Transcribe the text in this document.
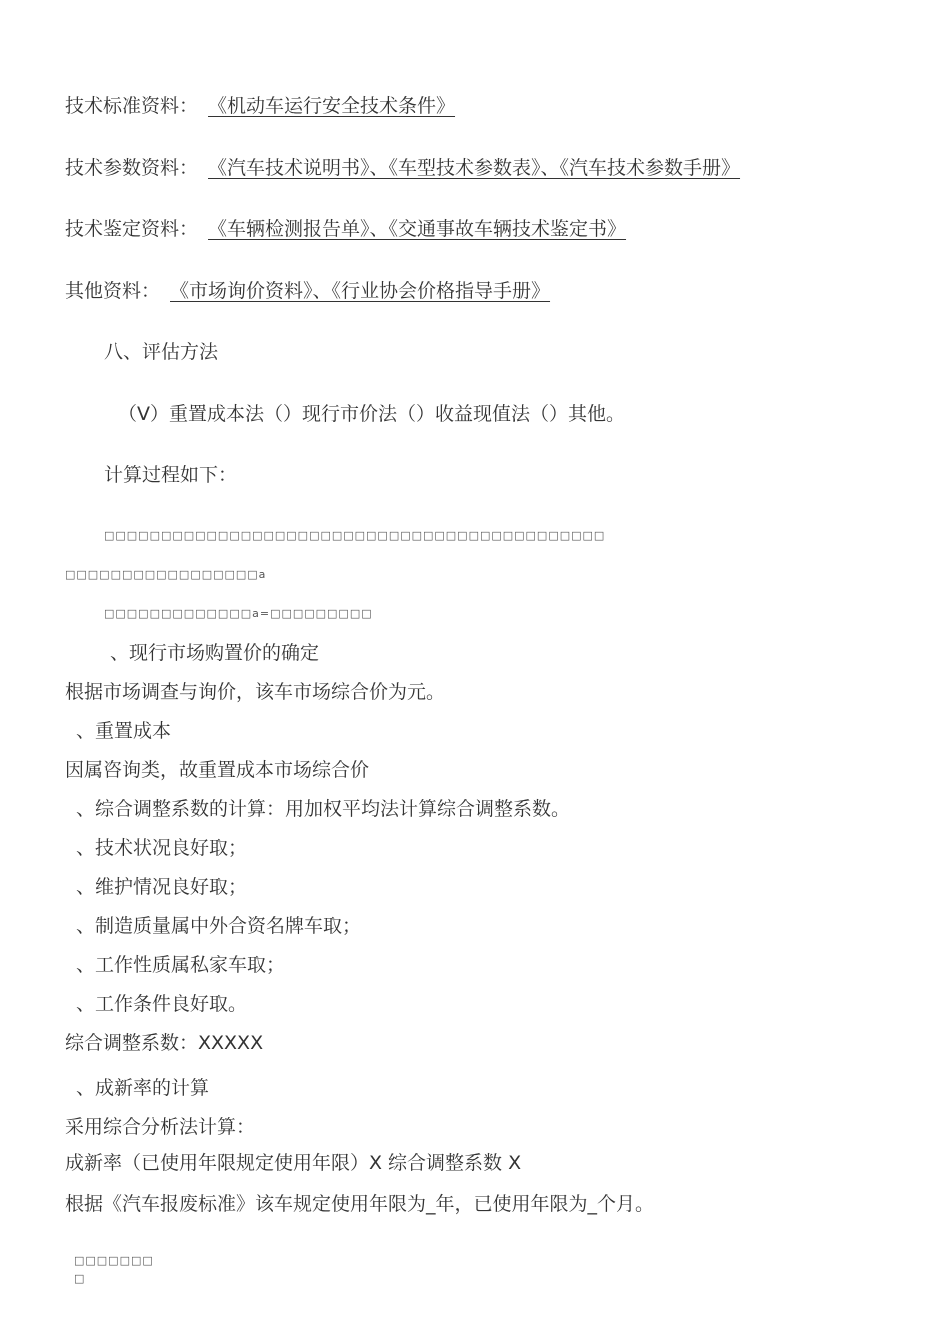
技术标准资料： 《机动车运行安全技术条件》
技术参数资料： 《汽车技术说明书》、《车型技术参数表》、《汽车技术参数手册》
技术鉴定资料： 《车辆检测报告单》、《交通事故车辆技术鉴定书》
其他资料： 《市场询价资料》、《行业协会价格指导手册》
八、评估方法
（V）重置成本法（）现行市价法（）收益现值法（）其他。
计算过程如下：
□□□□□□□□□□□□□□□□□□□□□□□□□□□□□□□□□□□□□□□□□□□□
□□□□□□□□□□□□□□□□□a
□□□□□□□□□□□□□a=□□□□□□□□□
、现行市场购置价的确定
根据市场调查与询价，该车市场综合价为元。
、重置成本
因属咨询类，故重置成本市场综合价
、综合调整系数的计算：用加权平均法计算综合调整系数。
、技术状况良好取；
、维护情况良好取；
、制造质量属中外合资名牌车取；
、工作性质属私家车取；
、工作条件良好取。
综合调整系数：XXXXX
、成新率的计算
采用综合分析法计算：
成新率（已使用年限规定使用年限）X 综合调整系数 X
根据《汽车报废标准》该车规定使用年限为_年，已使用年限为_个月。
□□□□□□□
□
